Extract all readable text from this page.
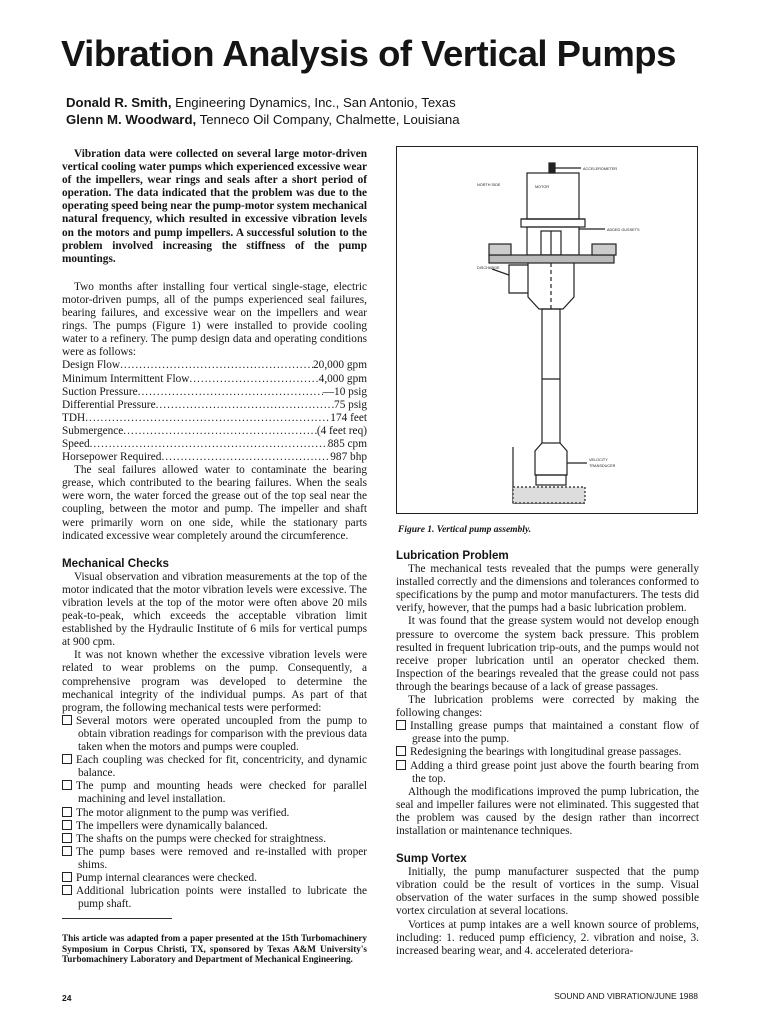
Vibration Analysis of Vertical Pumps
Donald R. Smith, Engineering Dynamics, Inc., San Antonio, Texas
Glenn M. Woodward, Tenneco Oil Company, Chalmette, Louisiana

Vibration data were collected on several large motor-driven vertical cooling water pumps which experienced excessive wear of the impellers, wear rings and seals after a short period of operation. The data indicated that the problem was due to the operating speed being near the pump-motor system mechanical natural frequency, which resulted in excessive vibration levels on the motors and pump impellers. A successful solution to the problem involved increasing the stiffness of the pump mountings.

Two months after installing four vertical single-stage, electric motor-driven pumps, all of the pumps experienced seal failures, bearing failures, and excessive wear on the impellers and wear rings. The pumps (Figure 1) were installed to provide cooling water to a refinery. The pump design data and operating conditions were as follows:

Design Flow .....	20,000 gpm
Minimum Intermittent Flow .....	4,000 gpm
Suction Pressure .....	—10 psig
Differential Pressure .....	75 psig
TDH .....	174 feet
Submergence .....	(4 feet req)
Speed .....	885 cpm
Horsepower Required .....	987 bhp

The seal failures allowed water to contaminate the bearing grease, which contributed to the bearing failures. When the seals were worn, the water forced the grease out of the top seal near the coupling, between the motor and pump. The impeller and shaft were primarily worn on one side, while the stationary parts indicated excessive wear completely around the circumference.

Mechanical Checks

Visual observation and vibration measurements at the top of the motor indicated that the motor vibration levels were excessive. The vibration levels at the top of the motor were often above 20 mils peak-to-peak, which exceeds the acceptable vibration limit established by the Hydraulic Institute of 6 mils for vertical pumps at 900 cpm.

It was not known whether the excessive vibration levels were related to wear problems on the pump. Consequently, a comprehensive program was developed to determine the mechanical integrity of the individual pumps. As part of that program, the following mechanical tests were performed:

Several motors were operated uncoupled from the pump to obtain vibration readings for comparison with the previous data taken when the motors and pumps were coupled.
Each coupling was checked for fit, concentricity, and dynamic balance.
The pump and mounting heads were checked for parallel machining and level installation.
The motor alignment to the pump was verified.
The impellers were dynamically balanced.
The shafts on the pumps were checked for straightness.
The pump bases were removed and re-installed with proper shims.
Pump internal clearances were checked.
Additional lubrication points were installed to lubricate the pump shaft.
This article was adapted from a paper presented at the 15th Turbomachinery Symposium in Corpus Christi, TX, sponsored by Texas A&M University's Turbomachinery Laboratory and Department of Mechanical Engineering.
ACCELEROMETER
NORTH SIDE	MOTOR
ADDED GUSSETS
DISCHARGE
VELOCITY
TRANSDUCER
Figure 1. Vertical pump assembly.
Lubrication Problem

The mechanical tests revealed that the pumps were generally installed correctly and the dimensions and tolerances conformed to specifications by the pump and motor manufacturers. The tests did verify, however, that the pumps had a basic lubrication problem.

It was found that the grease system would not develop enough pressure to overcome the system back pressure. This problem resulted in frequent lubrication trip-outs, and the pumps would not receive proper lubrication until an operator checked them. Inspection of the bearings revealed that the grease could not pass through the bearings because of a lack of grease passages.

The lubrication problems were corrected by making the following changes:

Installing grease pumps that maintained a constant flow of grease into the pump.
Redesigning the bearings with longitudinal grease passages.
Adding a third grease point just above the fourth bearing from the top.

Although the modifications improved the pump lubrication, the seal and impeller failures were not eliminated. This suggested that the problem was caused by the design rather than incorrect installation or maintenance techniques.

Sump Vortex

Initially, the pump manufacturer suspected that the pump vibration could be the result of vortices in the sump. Visual observation of the water surfaces in the sump showed possible vortex circulation at several locations.

Vortices at pump intakes are a well known source of problems, including: 1. reduced pump efficiency, 2. vibration and noise, 3. increased bearing wear, and 4. accelerated deteriora-

24	SOUND AND VIBRATION/JUNE 1988
